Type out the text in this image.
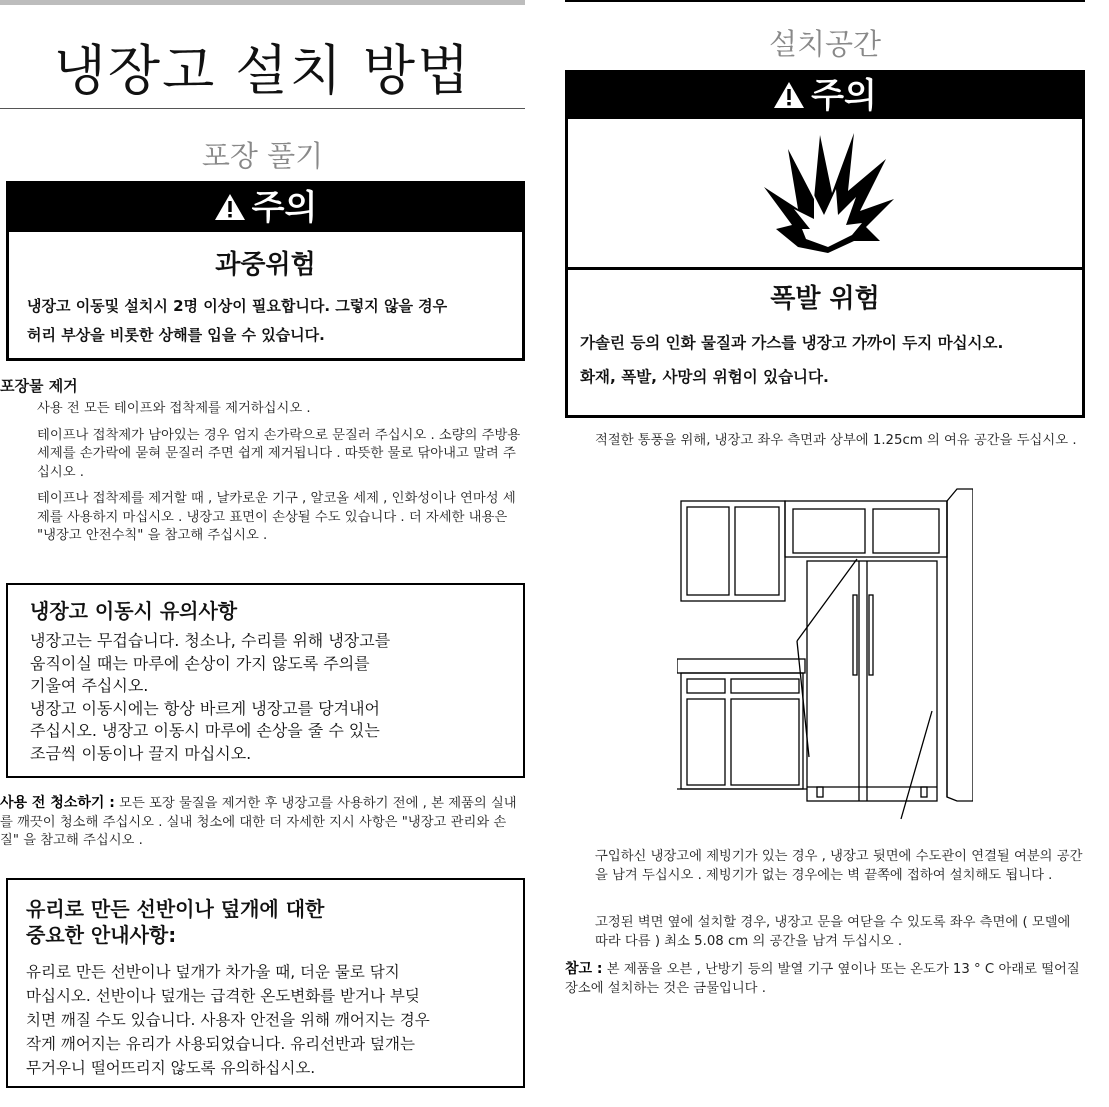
냉장고 설치 방법
포장 풀기
주의
과중위험
냉장고 이동및 설치시 2명 이상이 필요합니다. 그렇지 않을 경우
허리 부상을 비롯한 상해를 입을 수 있습니다.
포장물 제거

사용 전 모든 테이프와 접착제를 제거하십시오 .

테이프나 접착제가 남아있는 경우 엄지 손가락으로 문질러 주십시오 . 소량의 주방용 세제를 손가락에 묻혀 문질러 주면 쉽게 제거됩니다 . 따뜻한 물로 닦아내고 말려 주십시오 .

테이프나 접착제를 제거할 때 , 날카로운 기구 , 알코올 세제 , 인화성이나 연마성 세제를 사용하지 마십시오 . 냉장고 표면이 손상될 수도 있습니다 . 더 자세한 내용은 "냉장고 안전수칙" 을 참고해 주십시오 .

냉장고 이동시 유의사항
냉장고는 무겁습니다. 청소나, 수리를 위해 냉장고를
움직이실 때는 마루에 손상이 가지 않도록 주의를
기울여 주십시오.
냉장고 이동시에는 항상 바르게 냉장고를 당겨내어
주십시오. 냉장고 이동시 마루에 손상을 줄 수 있는
조금씩 이동이나 끌지 마십시오.
사용 전 청소하기 : 모든 포장 물질을 제거한 후 냉장고를 사용하기 전에 , 본 제품의 실내를 깨끗이 청소해 주십시오 . 실내 청소에 대한 더 자세한 지시 사항은 "냉장고 관리와 손질" 을 참고해 주십시오 .
유리로 만든 선반이나 덮개에 대한
중요한 안내사항:
유리로 만든 선반이나 덮개가 차가울 때, 더운 물로 닦지
마십시오. 선반이나 덮개는 급격한 온도변화를 받거나 부딪
치면 깨질 수도 있습니다. 사용자 안전을 위해 깨어지는 경우
작게 깨어지는 유리가 사용되었습니다. 유리선반과 덮개는
무거우니 떨어뜨리지 않도록 유의하십시오.
설치공간
주의
폭발 위험
가솔린 등의 인화 물질과 가스를 냉장고 가까이 두지 마십시오.
화재, 폭발, 사망의 위험이 있습니다.
적절한 통풍을 위해, 냉장고 좌우 측면과 상부에 1.25cm 의 여유 공간을 두십시오 .
구입하신 냉장고에 제빙기가 있는 경우 , 냉장고 뒷면에 수도관이 연결될 여분의 공간을 남겨 두십시오 . 제빙기가 없는 경우에는 벽 끝쪽에 접하여 설치해도 됩니다 .
고정된 벽면 옆에 설치할 경우, 냉장고 문을 여닫을 수 있도록 좌우 측면에 ( 모델에 따라 다름 ) 최소 5.08 cm 의 공간을 남겨 두십시오 .
참고 : 본 제품을 오븐 , 난방기 등의 발열 기구 옆이나 또는 온도가 13 ° C 아래로 떨어질 장소에 설치하는 것은 금물입니다 .
